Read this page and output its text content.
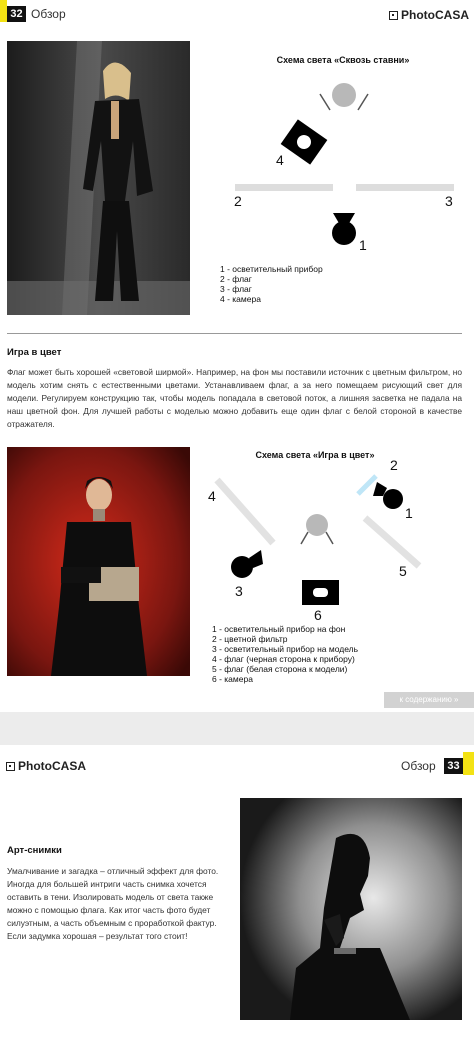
32 Обзор	PhotoCASA
Схема света «Сквозь ставни»
4
2	3
1
1 - осветительный прибор
2 - флаг
3 - флаг
4 - камера
Игра в цвет
Флаг может быть хорошей «световой ширмой». Например, на фон мы поставили источник с цветным фильтром, но модель хотим снять с естественными цветами. Устанавливаем флаг, а за него помещаем рисующий свет для модели. Регулируем конструкцию так, чтобы модель попадала в световой поток, а лишняя засветка не падала на наш цветной фон. Для лучшей работы с моделью можно добавить еще один флаг с белой стороной в качестве отражателя.
Схема света «Игра в цвет»
4
2
1
5
3
6
1 - осветительный прибор на фон
2 - цветной фильтр
3 - осветительный прибор на модель
4 - флаг (черная сторона к прибору)
5 - флаг (белая сторона к модели)
6 - камера
к содержанию »
PhotoCASA	Обзор	33
Арт-снимки
Умалчивание и загадка – отличный эффект для фото. Иногда для большей интриги часть снимка хочется оставить в тени. Изолировать модель от света также можно с помощью флага. Как итог часть фото будет силуэтным, а часть объемным с проработкой фактур. Если задумка хорошая – результат того стоит!
